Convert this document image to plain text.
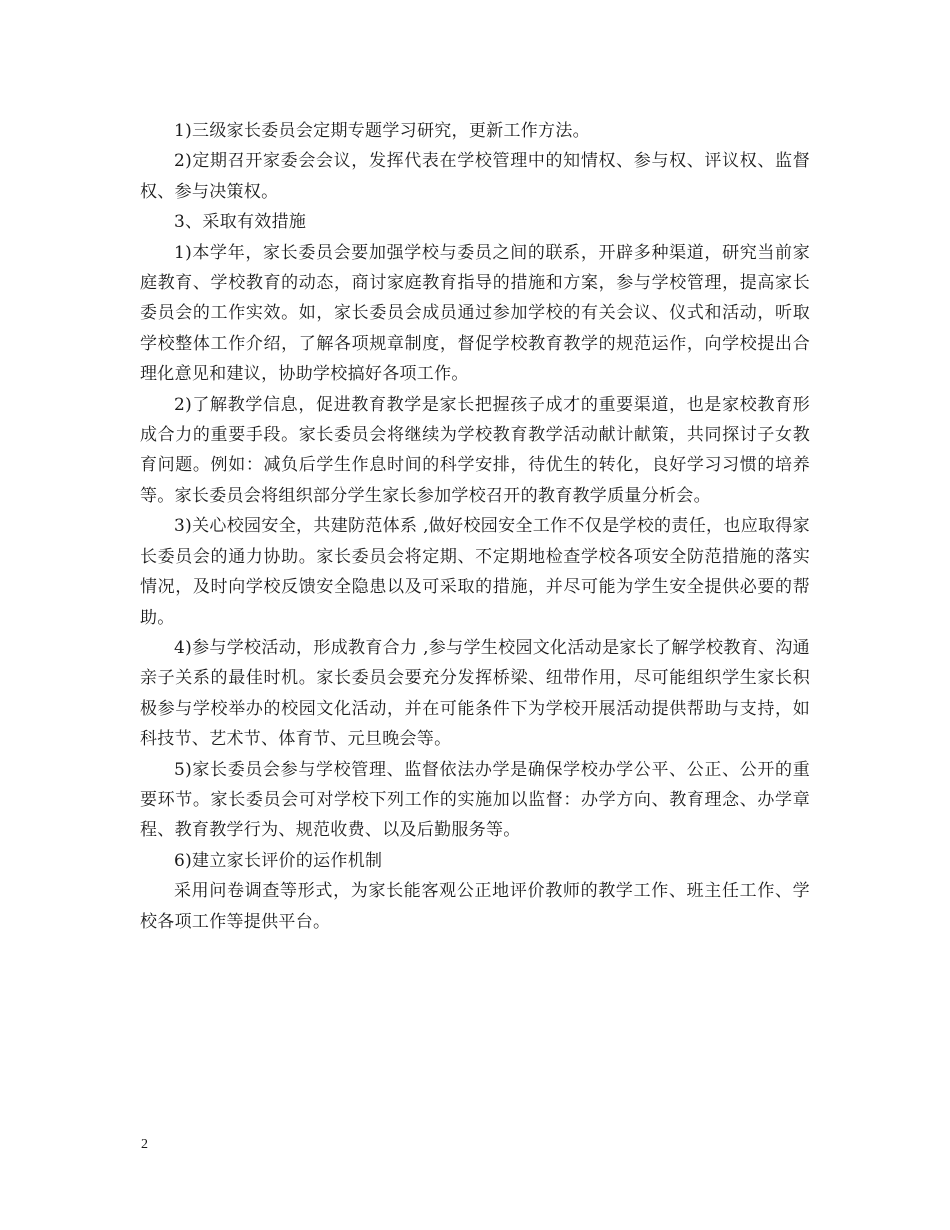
1)三级家长委员会定期专题学习研究，更新工作方法。

2)定期召开家委会会议，发挥代表在学校管理中的知情权、参与权、评议权、监督权、参与决策权。

3、采取有效措施

1)本学年，家长委员会要加强学校与委员之间的联系，开辟多种渠道，研究当前家庭教育、学校教育的动态，商讨家庭教育指导的措施和方案，参与学校管理，提高家长委员会的工作实效。如，家长委员会成员通过参加学校的有关会议、仪式和活动，听取学校整体工作介绍，了解各项规章制度，督促学校教育教学的规范运作，向学校提出合理化意见和建议，协助学校搞好各项工作。

2)了解教学信息，促进教育教学是家长把握孩子成才的重要渠道，也是家校教育形成合力的重要手段。家长委员会将继续为学校教育教学活动献计献策，共同探讨子女教育问题。例如：减负后学生作息时间的科学安排，待优生的转化，良好学习习惯的培养等。家长委员会将组织部分学生家长参加学校召开的教育教学质量分析会。

3)关心校园安全，共建防范体系 ,做好校园安全工作不仅是学校的责任，也应取得家长委员会的通力协助。家长委员会将定期、不定期地检查学校各项安全防范措施的落实情况，及时向学校反馈安全隐患以及可采取的措施，并尽可能为学生安全提供必要的帮助。

4)参与学校活动，形成教育合力 ,参与学生校园文化活动是家长了解学校教育、沟通亲子关系的最佳时机。家长委员会要充分发挥桥梁、纽带作用，尽可能组织学生家长积极参与学校举办的校园文化活动，并在可能条件下为学校开展活动提供帮助与支持，如科技节、艺术节、体育节、元旦晚会等。

5)家长委员会参与学校管理、监督依法办学是确保学校办学公平、公正、公开的重要环节。家长委员会可对学校下列工作的实施加以监督：办学方向、教育理念、办学章程、教育教学行为、规范收费、以及后勤服务等。

6)建立家长评价的运作机制

采用问卷调查等形式，为家长能客观公正地评价教师的教学工作、班主任工作、学校各项工作等提供平台。

2
